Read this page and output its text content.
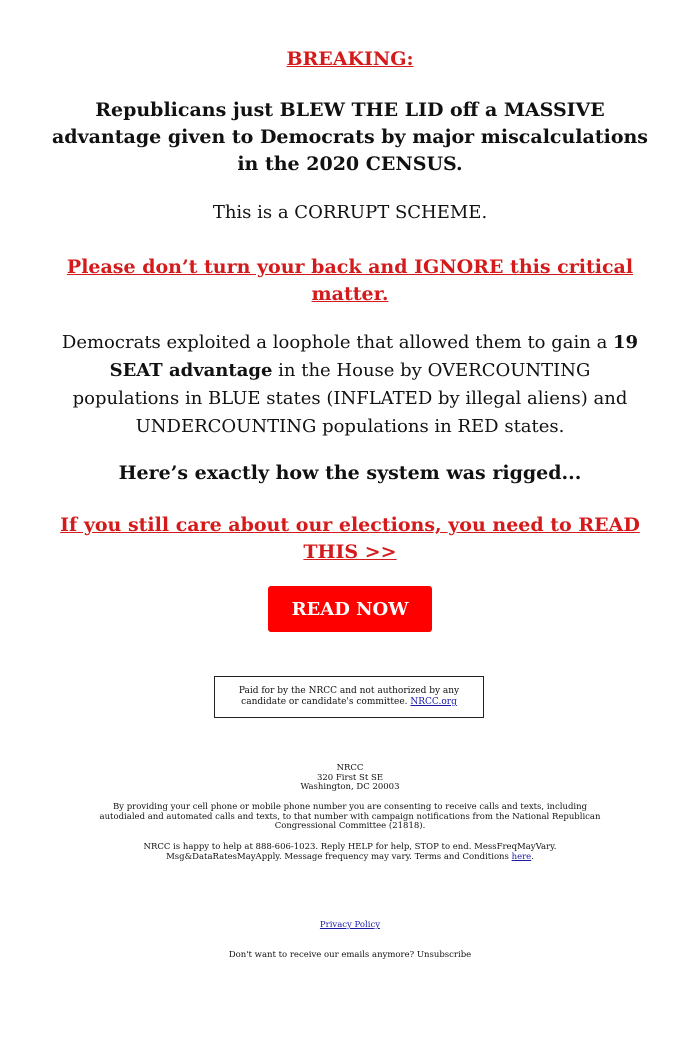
BREAKING:
Republicans just BLEW THE LID off a MASSIVE advantage given to Democrats by major miscalculations in the 2020 CENSUS.
This is a CORRUPT SCHEME.
Please don’t turn your back and IGNORE this critical matter.
Democrats exploited a loophole that allowed them to gain a 19 SEAT advantage in the House by OVERCOUNTING populations in BLUE states (INFLATED by illegal aliens) and UNDERCOUNTING populations in RED states.
Here’s exactly how the system was rigged...
If you still care about our elections, you need to READ THIS >>
READ NOW
Paid for by the NRCC and not authorized by any candidate or candidate's committee. NRCC.org
NRCC
320 First St SE
Washington, DC 20003
By providing your cell phone or mobile phone number you are consenting to receive calls and texts, including autodialed and automated calls and texts, to that number with campaign notifications from the National Republican Congressional Committee (21818).
NRCC is happy to help at 888-606-1023. Reply HELP for help, STOP to end. MessFreqMayVary. Msg&DataRatesMayApply. Message frequency may vary. Terms and Conditions here.
Privacy Policy
Don't want to receive our emails anymore? Unsubscribe
